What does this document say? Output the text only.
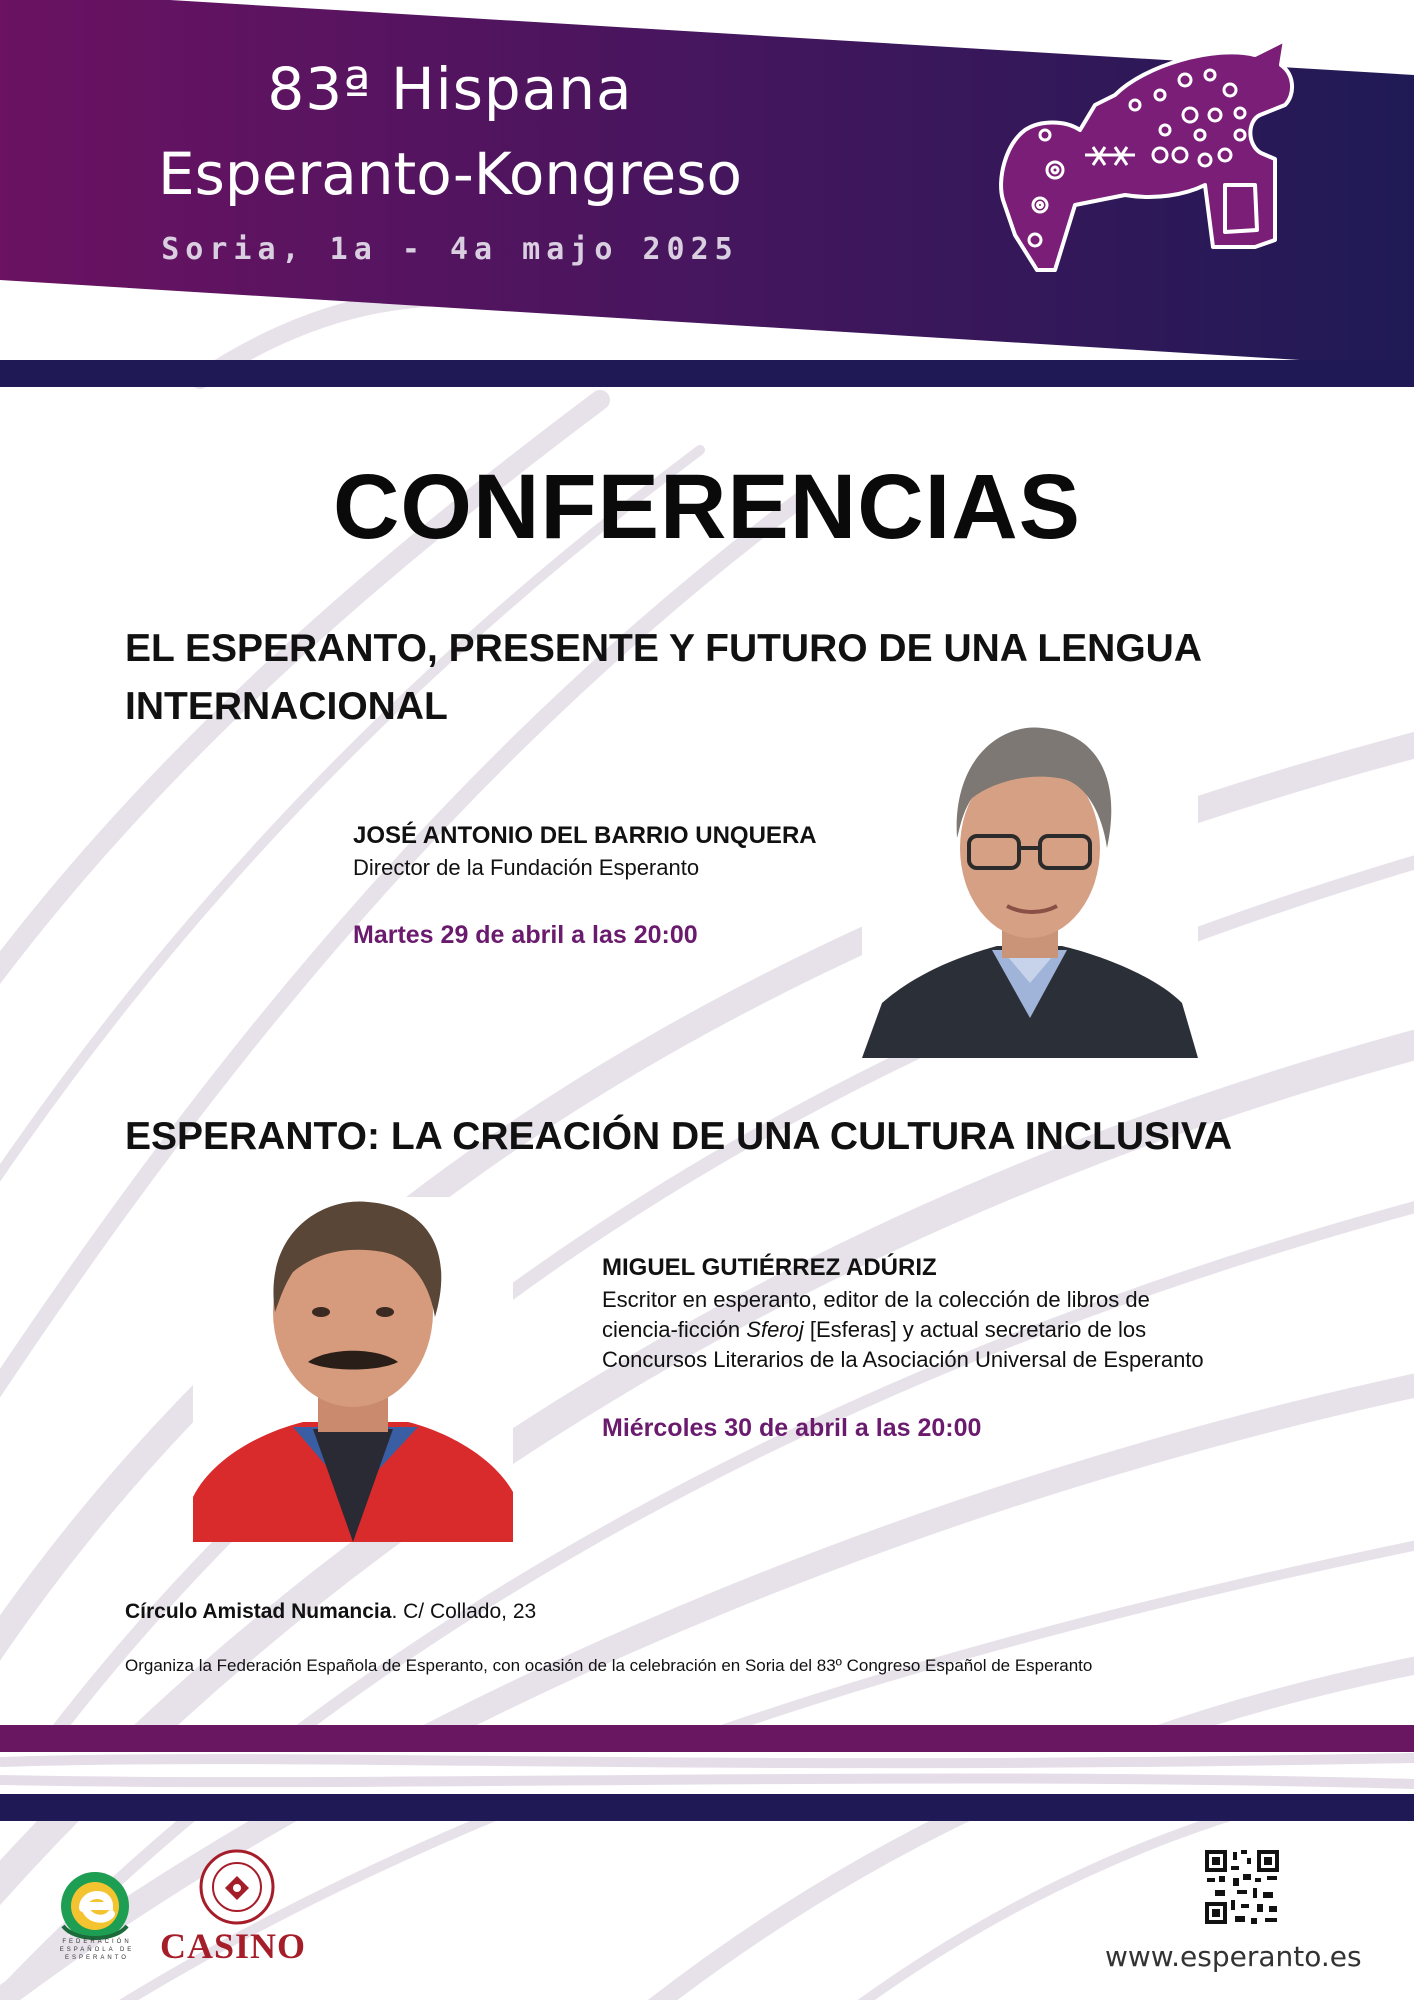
83ª Hispana
Esperanto-Kongreso
Soria, 1a - 4a majo 2025
CONFERENCIAS
EL ESPERANTO, PRESENTE Y FUTURO DE UNA LENGUA INTERNACIONAL
JOSÉ ANTONIO DEL BARRIO UNQUERA
Director de la Fundación Esperanto
Martes 29 de abril a las 20:00
ESPERANTO: LA CREACIÓN DE UNA CULTURA INCLUSIVA
MIGUEL GUTIÉRREZ ADÚRIZ
Escritor en esperanto, editor de la colección de libros de
ciencia-ficción Sferoj [Esferas] y actual secretario de los
Concursos Literarios de la Asociación Universal de Esperanto
Miércoles 30 de abril a las 20:00
Círculo Amistad Numancia. C/ Collado, 23
Organiza la Federación Española de Esperanto, con ocasión de la celebración en Soria del 83º Congreso Español de Esperanto
FEDERACIÓN ESPAÑOLA DE ESPERANTO CASINO	www.esperanto.es
